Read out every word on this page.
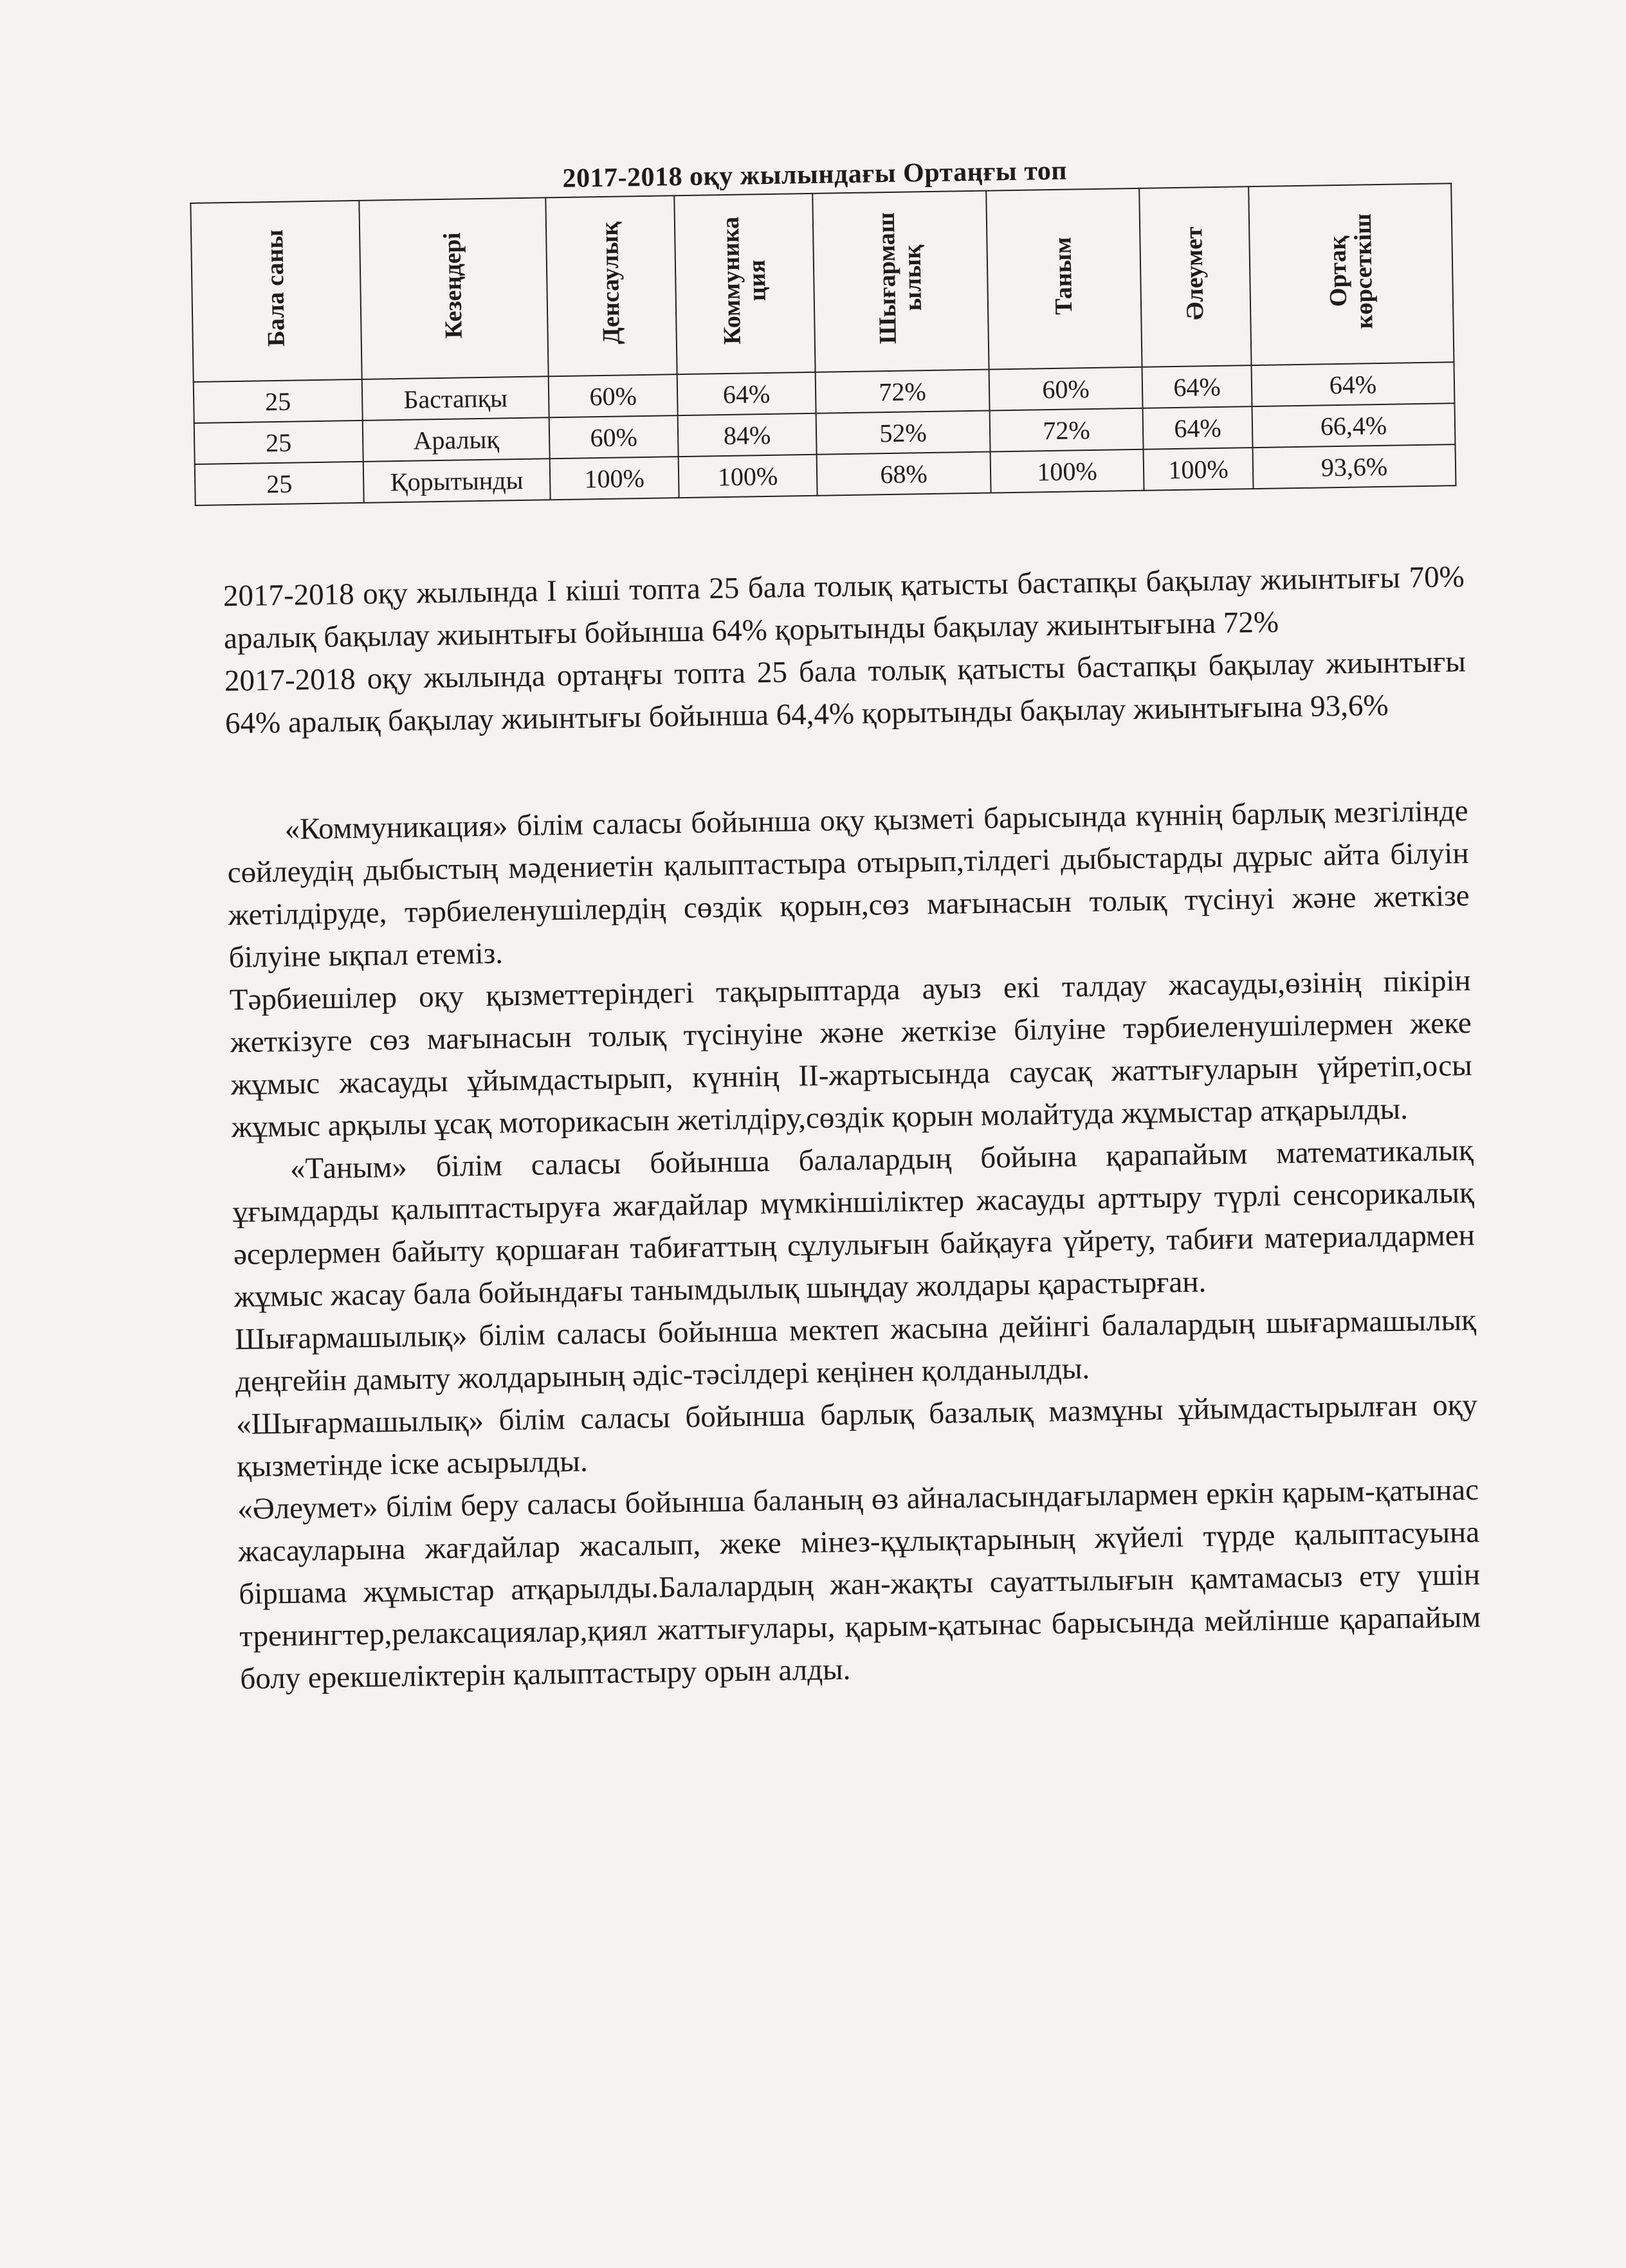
2017-2018 оқу жылындағы Ортаңғы топ
Бала саны	Кезеңдері	Денсаулық	Коммуника ция	Шығармаш ылық	Таным	Әлеумет	Ортақ көрсеткіш
25	Бастапқы	60%	64%	72%	60%	64%	64%
25	Аралық	60%	84%	52%	72%	64%	66,4%
25	Қорытынды	100%	100%	68%	100%	100%	93,6%

2017-2018 оқу жылында І кіші топта 25 бала толық қатысты бастапқы бақылау жиынтығы 70% аралық бақылау жиынтығы бойынша 64% қорытынды бақылау жиынтығына 72%

2017-2018 оқу жылында ортаңғы топта 25 бала толық қатысты бастапқы бақылау жиынтығы 64% аралық бақылау жиынтығы бойынша 64,4% қорытынды бақылау жиынтығына 93,6%

«Коммуникация» білім саласы бойынша оқу қызметі барысында күннің барлық мезгілінде сөйлеудің дыбыстың мәдениетін қалыптастыра отырып,тілдегі дыбыстарды дұрыс айта білуін жетілдіруде, тәрбиеленушілердің сөздік қорын,сөз мағынасын толық түсінуі және жеткізе білуіне ықпал етеміз.

Тәрбиешілер оқу қызметтеріндегі тақырыптарда ауыз екі талдау жасауды,өзінің пікірін жеткізуге сөз мағынасын толық түсінуіне және жеткізе білуіне тәрбиеленушілермен жеке жұмыс жасауды ұйымдастырып, күннің ІІ-жартысында саусақ жаттығуларын үйретіп,осы жұмыс арқылы ұсақ моторикасын жетілдіру,сөздік қорын молайтуда жұмыстар атқарылды.

«Таным» білім саласы бойынша балалардың бойына қарапайым математикалық ұғымдарды қалыптастыруға жағдайлар мүмкіншіліктер жасауды арттыру түрлі сенсорикалық әсерлермен байыту қоршаған табиғаттың сұлулығын байқауға үйрету, табиғи материалдармен жұмыс жасау бала бойындағы танымдылық шыңдау жолдары қарастырған.

Шығармашылық» білім саласы бойынша мектеп жасына дейінгі балалардың шығармашылық деңгейін дамыту жолдарының әдіс-тәсілдері кеңінен қолданылды.

«Шығармашылық» білім саласы бойынша барлық базалық мазмұны ұйымдастырылған оқу қызметінде іске асырылды.

«Әлеумет» білім беру саласы бойынша баланың өз айналасындағылармен еркін қарым-қатынас жасауларына жағдайлар жасалып, жеке мінез-құлықтарының жүйелі түрде қалыптасуына біршама жұмыстар атқарылды.Балалардың жан-жақты сауаттылығын қамтамасыз ету үшін тренингтер,релаксациялар,қиял жаттығулары, қарым-қатынас барысында мейлінше қарапайым болу ерекшеліктерін қалыптастыру орын алды.
